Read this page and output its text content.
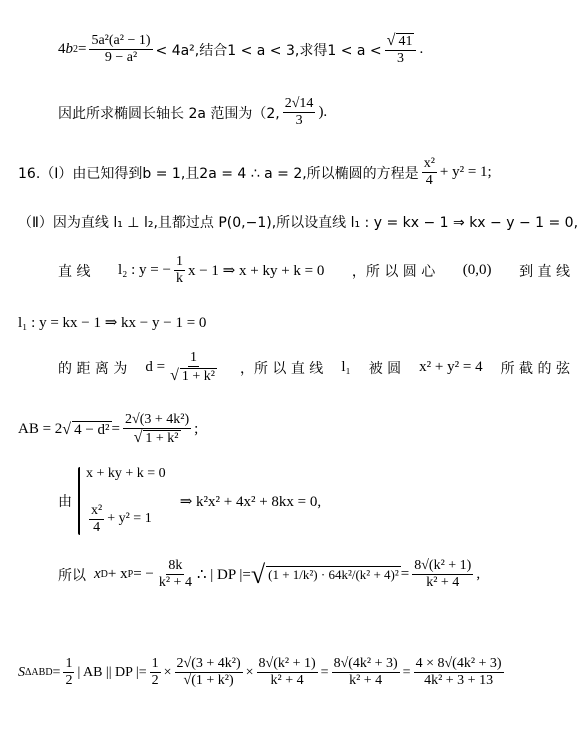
4 b $2 = \frac{\text{5a²(a² − 1)}}{\text{9 − a²}} < 4a^2$,结合1 < a < 3,求得$1 < a < \frac{√ 41}{3}$ .
因此所求椭圆长轴长 2a 范围为（2, $\frac{2√14}{3}$ ).
16.（Ⅰ）由已知得到 b = 1,且2a = 4 ∴ a = 2,所以椭圆的方程是 $\frac{\text{x²}}{4} + y^2 = 1$;
（Ⅱ）因为直线 l₁ ⊥ l₂,且都过点 P(0,−1),所以设直线 l₁ : y = kx − 1 ⇒ kx − y − 1 = 0,
直 线 l₂ : y = − $\frac{1}{k}$ x − 1 ⇒ x + ky + k = 0 ，所 以 圆 心 (0,0) 到 直 线
l₁ : y = kx − 1 ⇒ kx − y − 1 = 0
的 距 离 为 $d = \frac{1}{\text{√ 1 + k²}}$ ，所 以 直 线 l₁ 被 圆 x² + y² = 4 所 截 的 弦
AB = 2 √ $4 - d^2 = \frac{\text{2√(3 + 4k²)}}{\text{√ 1 + k²}}$ ;
由
x + ky + k = 0
$\frac{\text{x²}}{4} + y^2 = 1$
⇒ k²x² + 4x² + 8kx = 0,
所以 x D + x P = − $\frac{8k}{\text{k² + 4}}$ ∴ | DP |= √ $(1 + 1/k^2) \cdot 64k^2/(k^2 + 4)^2 = \frac{\text{8√(k² + 1)}}{\text{k² + 4}}$ ,
S $\Delta ABD = \frac{1}{2}$ | AB || DP |= $\frac{1}{2} \times \frac{\text{2√(3 + 4k²)}}{\text{√(1 + k²)}} \times \frac{\text{8√(k² + 1)}}{\text{k² + 4}} = \frac{\text{8√(4k² + 3)}}{\text{k² + 4}} = \frac{\text{4 × 8√(4k² + 3)}}{\text{4k² + 3 + 13}}$
